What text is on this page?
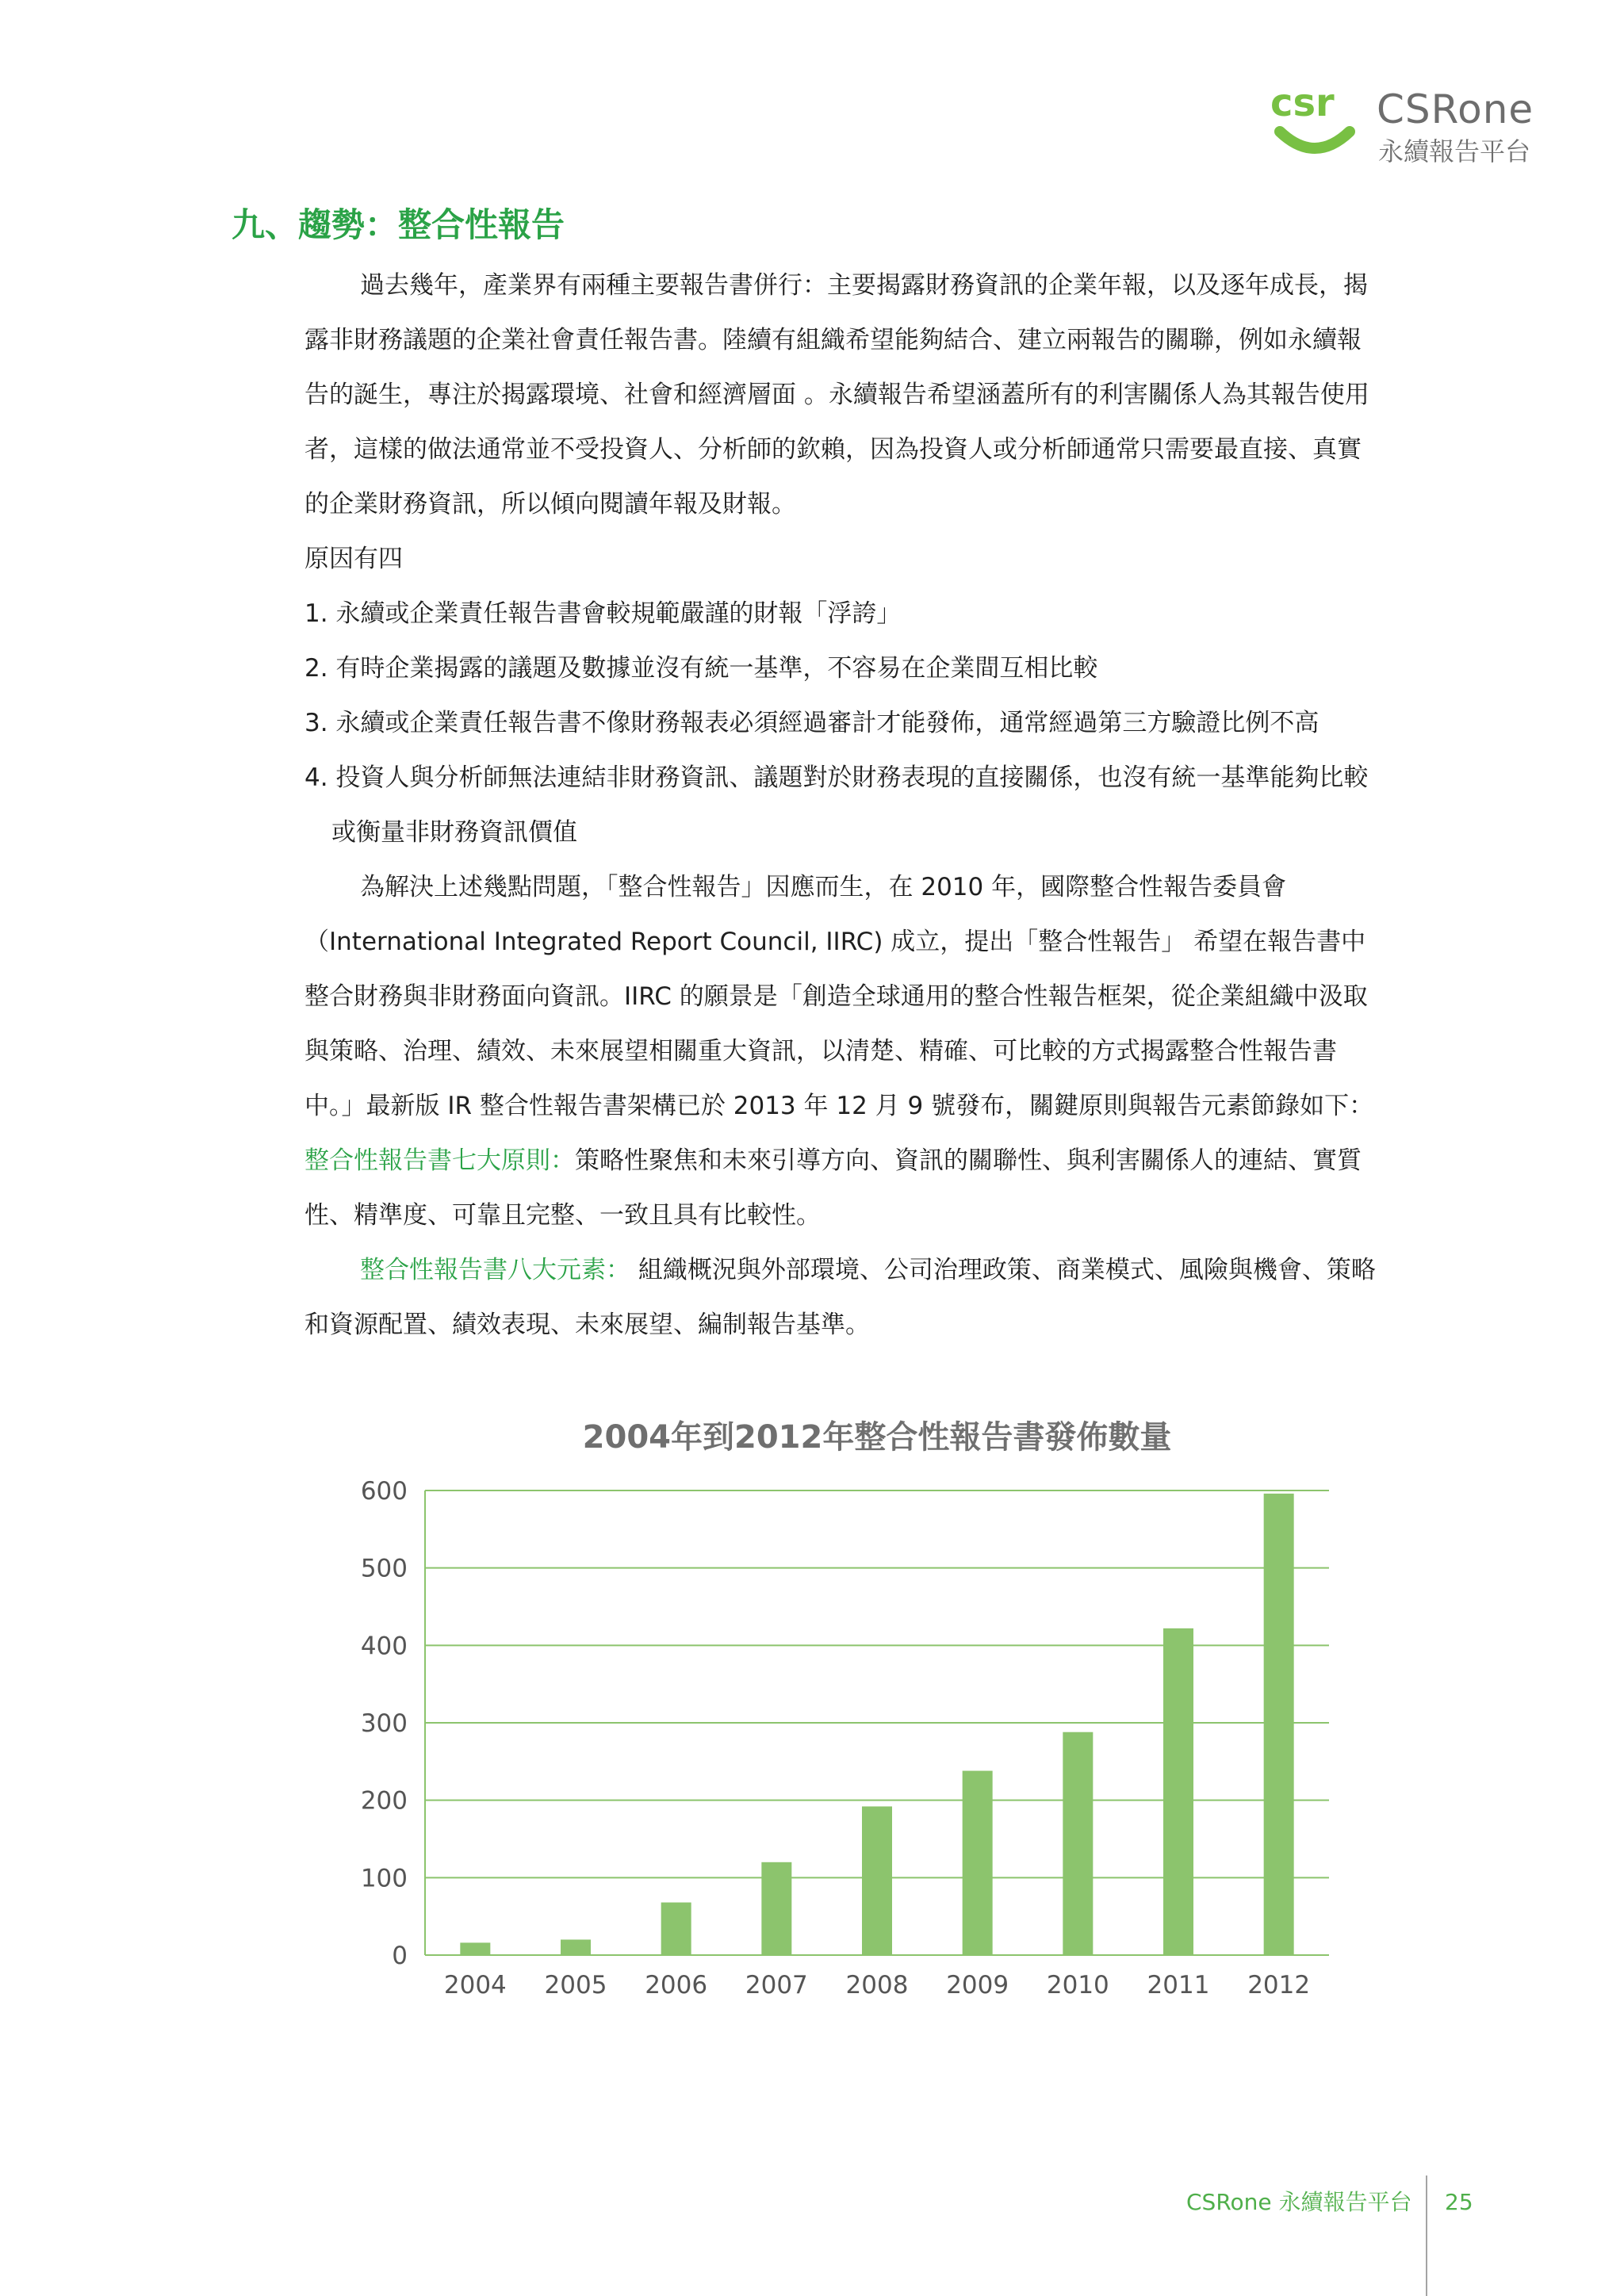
csr CSRone
永續報告平台
九、趨勢：整合性報告

過去幾年，產業界有兩種主要報告書併行：主要揭露財務資訊的企業年報，以及逐年成長，揭露非財務議題的企業社會責任報告書。陸續有組織希望能夠結合、建立兩報告的關聯，例如永續報告的誕生，專注於揭露環境、社會和經濟層面 。永續報告希望涵蓋所有的利害關係人為其報告使用者，這樣的做法通常並不受投資人、分析師的欽賴，因為投資人或分析師通常只需要最直接、真實的企業財務資訊，所以傾向閱讀年報及財報。

原因有四

1. 永續或企業責任報告書會較規範嚴謹的財報「浮誇」

2. 有時企業揭露的議題及數據並沒有統一基準，不容易在企業間互相比較

3. 永續或企業責任報告書不像財務報表必須經過審計才能發佈，通常經過第三方驗證比例不高

4. 投資人與分析師無法連結非財務資訊、議題對於財務表現的直接關係，也沒有統一基準能夠比較或衡量非財務資訊價值

為解決上述幾點問題，「整合性報告」因應而生，在 2010 年，國際整合性報告委員會（International Integrated Report Council, IIRC) 成立，提出「整合性報告」 希望在報告書中整合財務與非財務面向資訊。IIRC 的願景是「創造全球通用的整合性報告框架，從企業組織中汲取與策略、治理、績效、未來展望相關重大資訊，以清楚、精確、可比較的方式揭露整合性報告書中。」最新版 IR 整合性報告書架構已於 2013 年 12 月 9 號發布，關鍵原則與報告元素節錄如下：整合性報告書七大原則：策略性聚焦和未來引導方向、資訊的關聯性、與利害關係人的連結、實質性、精準度、可靠且完整、一致且具有比較性。

整合性報告書八大元素： 組織概況與外部環境、公司治理政策、商業模式、風險與機會、策略和資源配置、績效表現、未來展望、編制報告基準。

2004年到2012年整合性報告書發佈數量
0
100
200
300
400
500
600
2004 2005 2006 2007 2008 2009 2010 2011 2012
CSRone 永續報告平台 25
